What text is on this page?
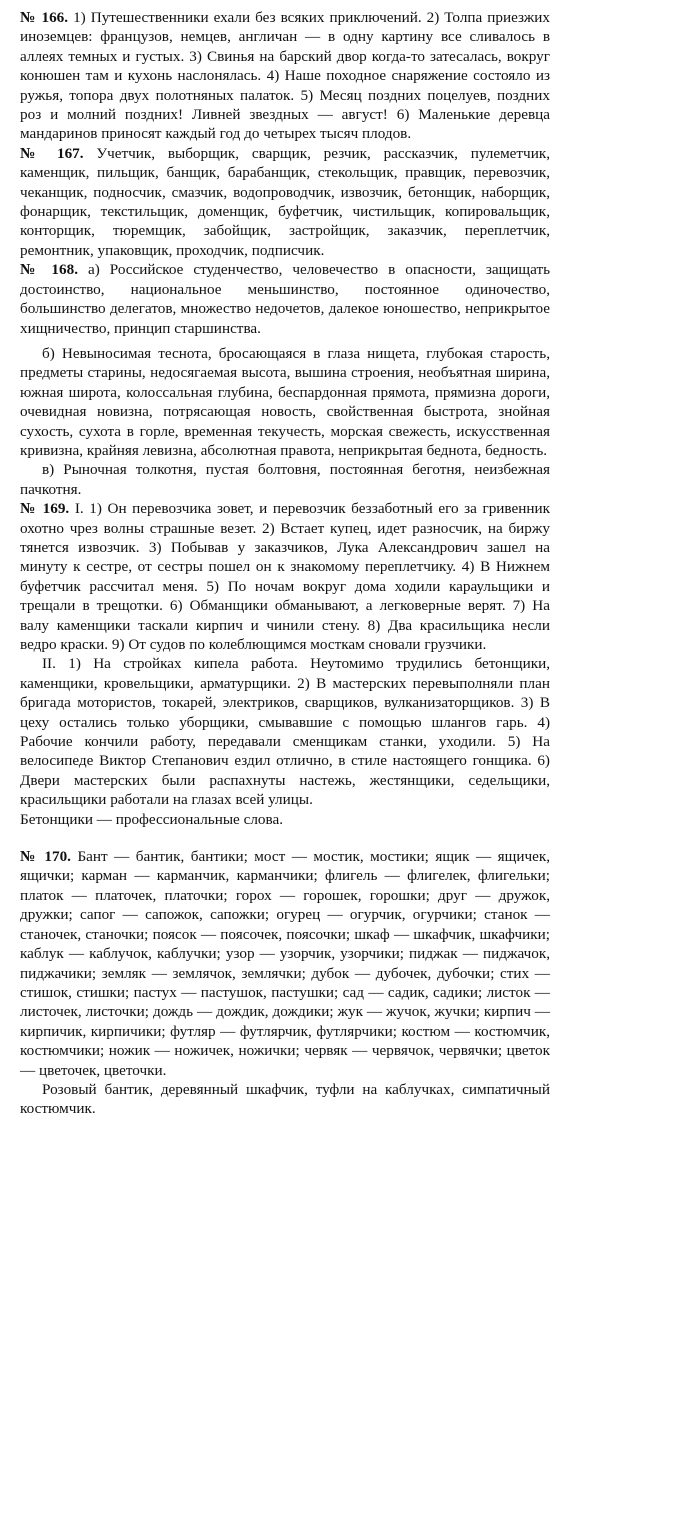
№ 166. 1) Путешественники ехали без всяких приключений. 2) Толпа приезжих иноземцев: французов, немцев, англичан — в одну картину все сливалось в аллеях темных и густых. 3) Свинья на барский двор когда-то затесалась, вокруг конюшен там и кухонь наслонялась. 4) Наше походное снаряжение состояло из ружья, топора двух полотняных палаток. 5) Месяц поздних поцелуев, поздних роз и молний поздних! Ливней звездных — август! 6) Маленькие деревца мандаринов приносят каждый год до четырех тысяч плодов.

№ 167. Учетчик, выборщик, сварщик, резчик, рассказчик, пулеметчик, каменщик, пильщик, банщик, барабанщик, стекольщик, правщик, перевозчик, чеканщик, подносчик, смазчик, водопроводчик, извозчик, бетонщик, наборщик, фонарщик, текстильщик, доменщик, буфетчик, чистильщик, копировальщик, конторщик, тюремщик, забойщик, застройщик, заказчик, переплетчик, ремонтник, упаковщик, проходчик, подписчик.

№ 168. а) Российское студенчество, человечество в опасности, защищать достоинство, национальное меньшинство, постоянное одиночество, большинство делегатов, множество недочетов, далекое юношество, неприкрытое хищничество, принцип старшинства.

б) Невыносимая теснота, бросающаяся в глаза нищета, глубокая старость, предметы старины, недосягаемая высота, вышина строения, необъятная ширина, южная широта, колоссальная глубина, беспардонная прямота, прямизна дороги, очевидная новизна, потрясающая новость, свойственная быстрота, знойная сухость, сухота в горле, временная текучесть, морская свежесть, искусственная кривизна, крайняя левизна, абсолютная правота, неприкрытая беднота, бедность.

в) Рыночная толкотня, пустая болтовня, постоянная беготня, неизбежная пачкотня.

№ 169. I. 1) Он перевозчика зовет, и перевозчик беззаботный его за гривенник охотно чрез волны страшные везет. 2) Встает купец, идет разносчик, на биржу тянется извозчик. 3) Побывав у заказчиков, Лука Александрович зашел на минуту к сестре, от сестры пошел он к знакомому переплетчику. 4) В Нижнем буфетчик рассчитал меня. 5) По ночам вокруг дома ходили караульщики и трещали в трещотки. 6) Обманщики обманывают, а легковерные верят. 7) На валу каменщики таскали кирпич и чинили стену. 8) Два красильщика несли ведро краски. 9) От судов по колеблющимся мосткам сновали грузчики.

II. 1) На стройках кипела работа. Неутомимо трудились бетонщики, каменщики, кровельщики, арматурщики. 2) В мастерских перевыполняли план бригада мотористов, токарей, электриков, сварщиков, вулканизаторщиков. 3) В цеху остались только уборщики, смывавшие с помощью шлангов гарь. 4) Рабочие кончили работу, передавали сменщикам станки, уходили. 5) На велосипеде Виктор Степанович ездил отлично, в стиле настоящего гонщика. 6) Двери мастерских были распахнуты настежь, жестянщики, седельщики, красильщики работали на глазах всей улицы.

Бетонщики — профессиональные слова.

№ 170. Бант — бантик, бантики; мост — мостик, мостики; ящик — ящичек, ящички; карман — карманчик, карманчики; флигель — флигелек, флигельки; платок — платочек, платочки; горох — горошек, горошки; друг — дружок, дружки; сапог — сапожок, сапожки; огурец — огурчик, огурчики; станок — станочек, станочки; поясок — поясочек, поясочки; шкаф — шкафчик, шкафчики; каблук — каблучок, каблучки; узор — узорчик, узорчики; пиджак — пиджачок, пиджачики; земляк — землячок, землячки; дубок — дубочек, дубочки; стих — стишок, стишки; пастух — пастушок, пастушки; сад — садик, садики; листок — листочек, листочки; дождь — дождик, дождики; жук — жучок, жучки; кирпич — кирпичик, кирпичики; футляр — футлярчик, футлярчики; костюм — костюмчик, костюмчики; ножик — ножичек, ножички; червяк — червячок, червячки; цветок — цветочек, цветочки.

Розовый бантик, деревянный шкафчик, туфли на каблучках, симпатичный костюмчик.
